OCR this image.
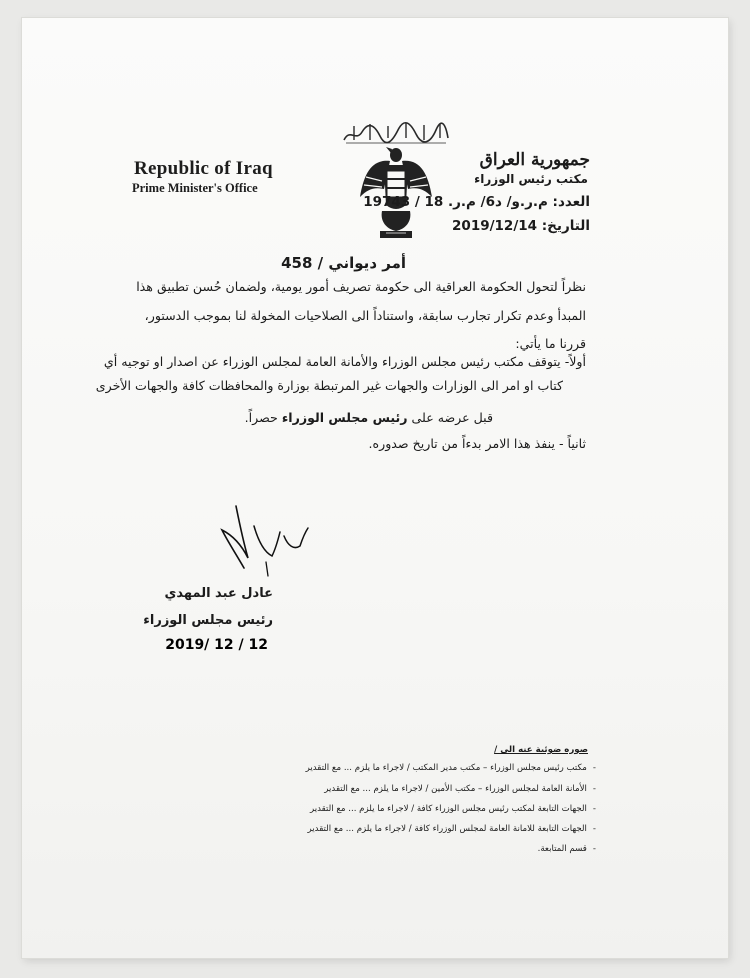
Republic of Iraq
Prime Minister's Office
جمهورية العراق
مكتب رئيس الوزراء
العدد: م.ر.و/ د6/ م.ر. 18 / 19743
التاريخ: 2019/12/14
أمر ديواني / 458
نظراً لتحول الحكومة العراقية الى حكومة تصريف أمور يومية، ولضمان حُسن تطبيق هذا
المبدأ وعدم تكرار تجارب سابقة، واستناداً الى الصلاحيات المخولة لنا بموجب الدستور،
قررنا ما يأتي:
أولاً- يتوقف مكتب رئيس مجلس الوزراء والأمانة العامة لمجلس الوزراء عن اصدار او توجيه أي
كتاب او امر الى الوزارات والجهات غير المرتبطة بوزارة والمحافظات كافة والجهات الأخرى
قبل عرضه على رئيس مجلس الوزراء حصراً.
ثانياً - ينفذ هذا الامر بدءاً من تاريخ صدوره.
عادل عبد المهدي
رئيس مجلس الوزراء
2019/ 12 / 12
صوره ضوئية عنه الى /
-مكتب رئيس مجلس الوزراء – مكتب مدير المكتب / لاجراء ما يلزم ... مع التقدير
-الأمانة العامة لمجلس الوزراء – مكتب الأمين / لاجراء ما يلزم ... مع التقدير
-الجهات التابعة لمكتب رئيس مجلس الوزراء كافة / لاجراء ما يلزم ... مع التقدير
-الجهات التابعة للامانة العامة لمجلس الوزراء كافة / لاجراء ما يلزم ... مع التقدير
-قسم المتابعة.
